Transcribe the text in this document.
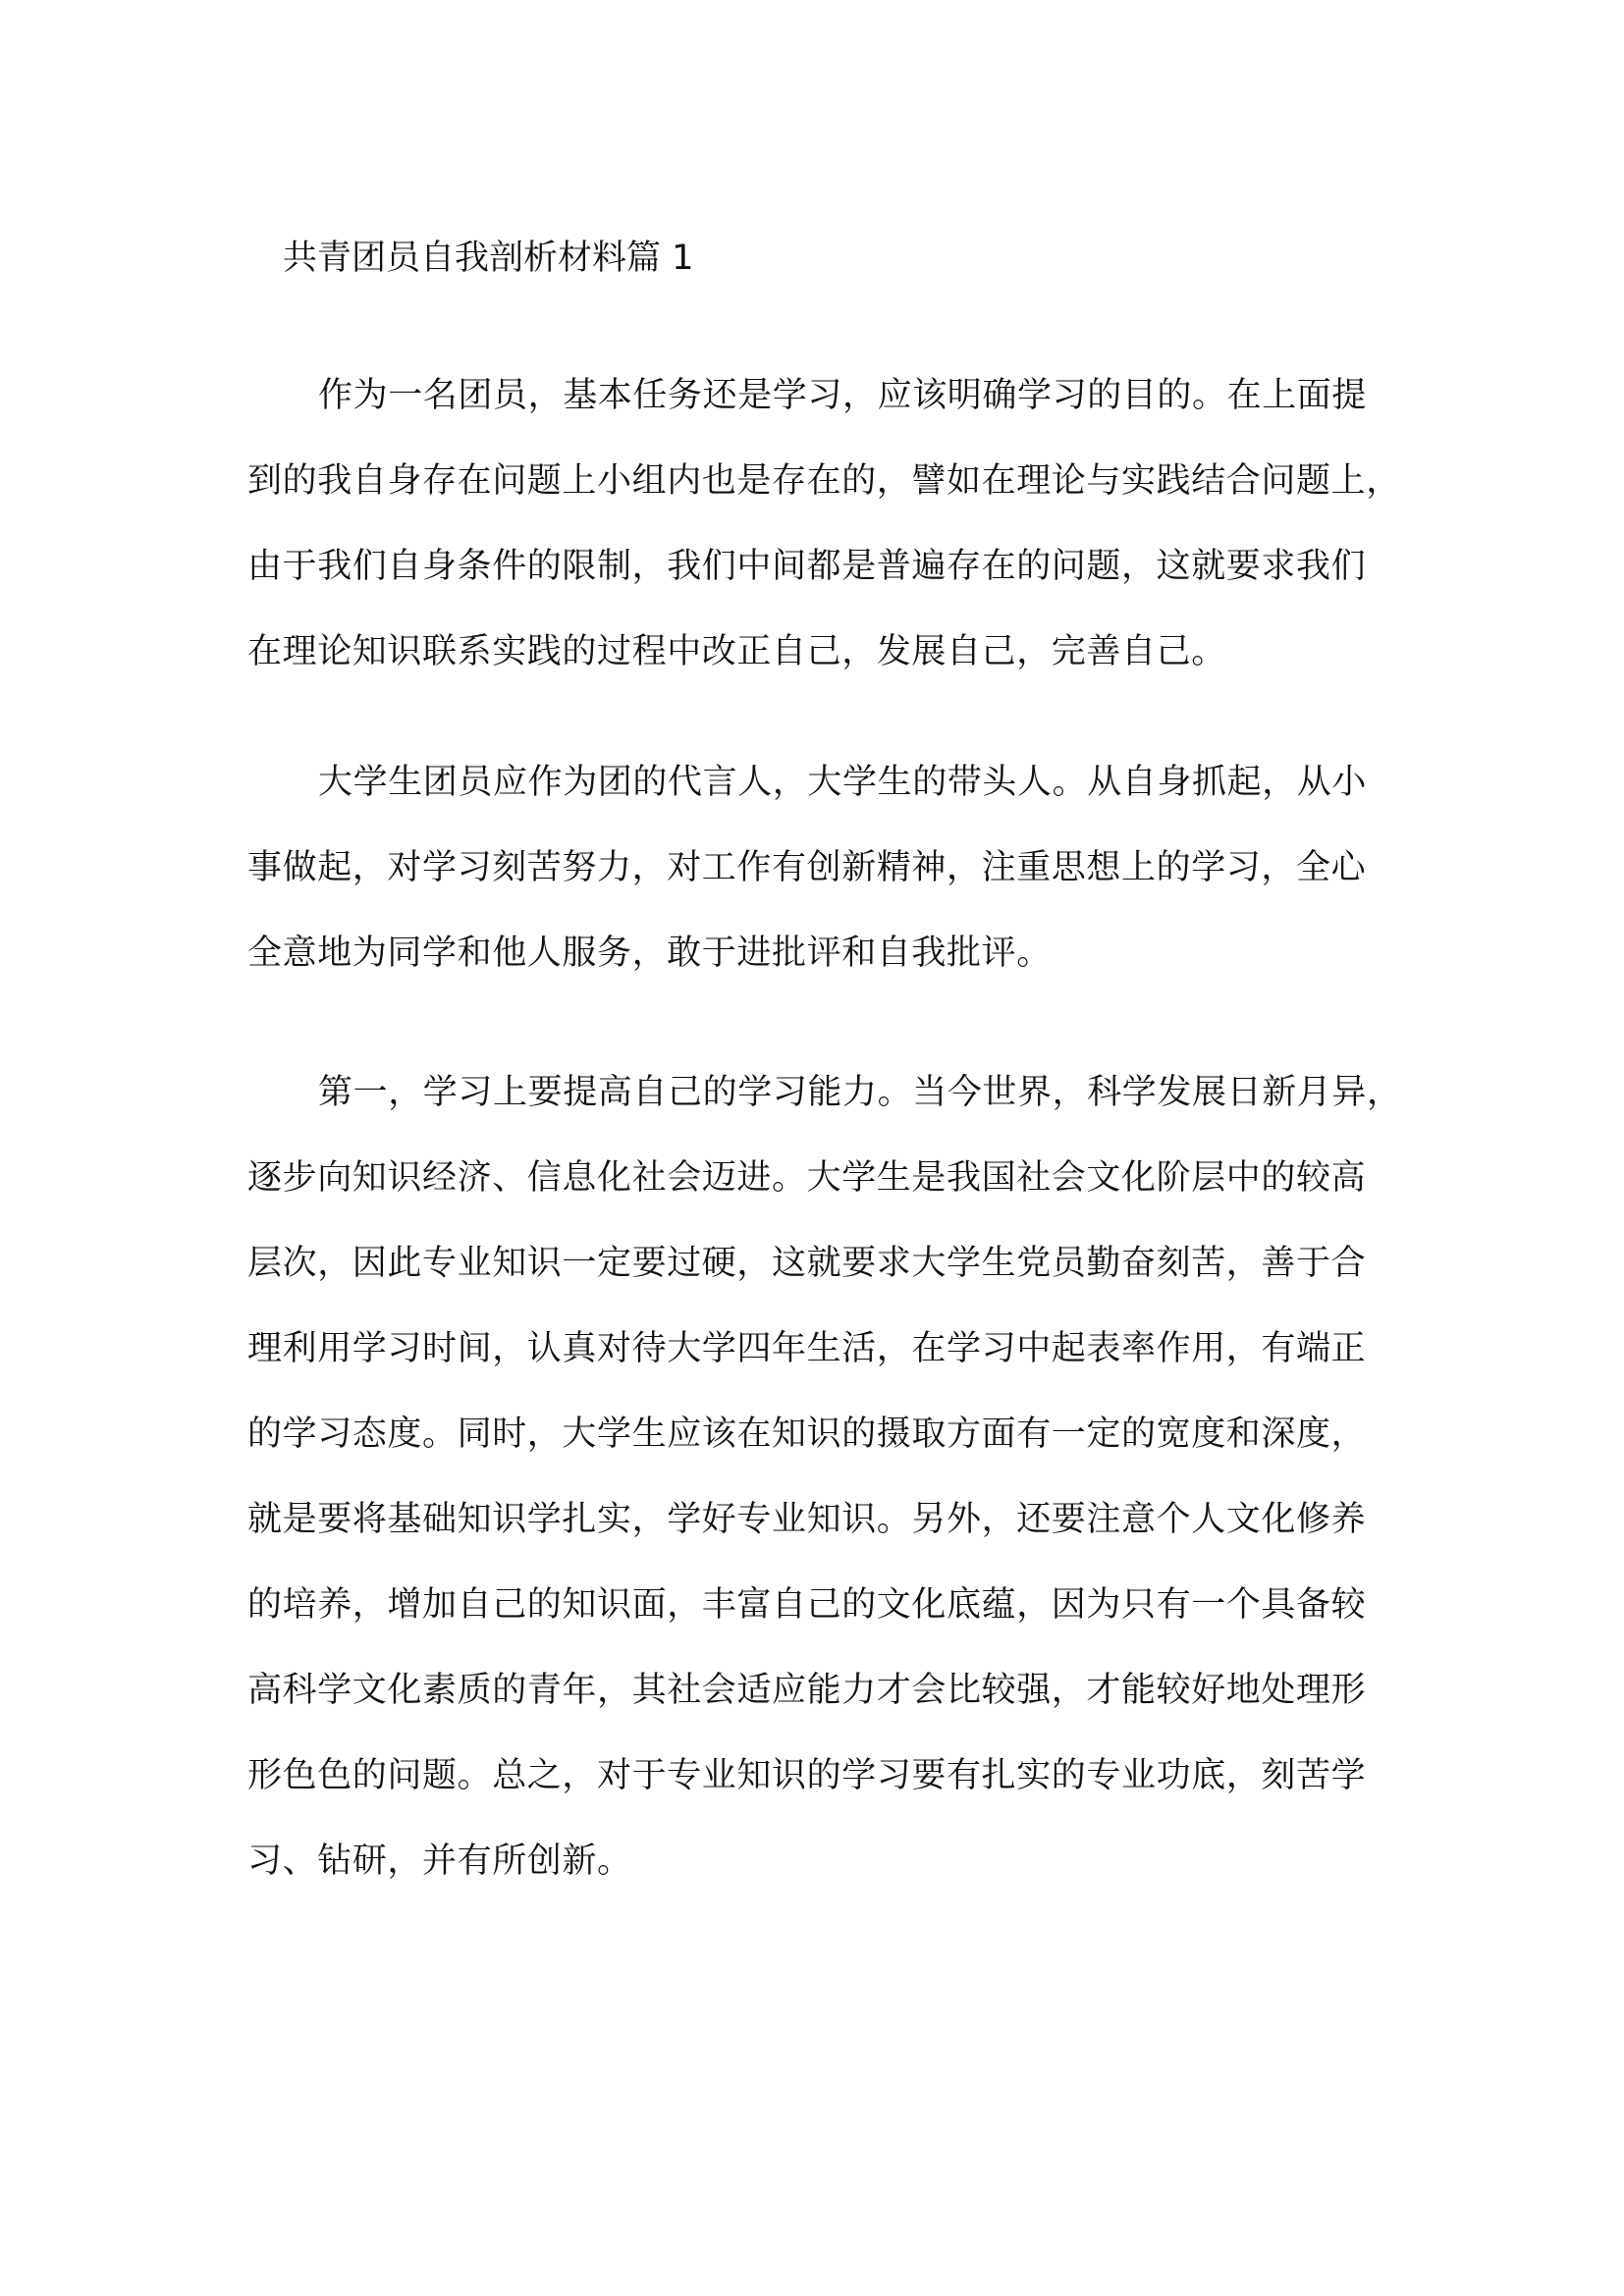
共青团员自我剖析材料篇 1
作为一名团员，基本任务还是学习，应该明确学习的目的。在上面提
到的我自身存在问题上小组内也是存在的，譬如在理论与实践结合问题上，
由于我们自身条件的限制，我们中间都是普遍存在的问题，这就要求我们
在理论知识联系实践的过程中改正自己，发展自己，完善自己。
大学生团员应作为团的代言人，大学生的带头人。从自身抓起，从小
事做起，对学习刻苦努力，对工作有创新精神，注重思想上的学习，全心
全意地为同学和他人服务，敢于进批评和自我批评。
第一，学习上要提高自己的学习能力。当今世界，科学发展日新月异，
逐步向知识经济、信息化社会迈进。大学生是我国社会文化阶层中的较高
层次，因此专业知识一定要过硬，这就要求大学生党员勤奋刻苦，善于合
理利用学习时间，认真对待大学四年生活，在学习中起表率作用，有端正
的学习态度。同时，大学生应该在知识的摄取方面有一定的宽度和深度，
就是要将基础知识学扎实，学好专业知识。另外，还要注意个人文化修养
的培养，增加自己的知识面，丰富自己的文化底蕴，因为只有一个具备较
高科学文化素质的青年，其社会适应能力才会比较强，才能较好地处理形
形色色的问题。总之，对于专业知识的学习要有扎实的专业功底，刻苦学
习、钻研，并有所创新。
